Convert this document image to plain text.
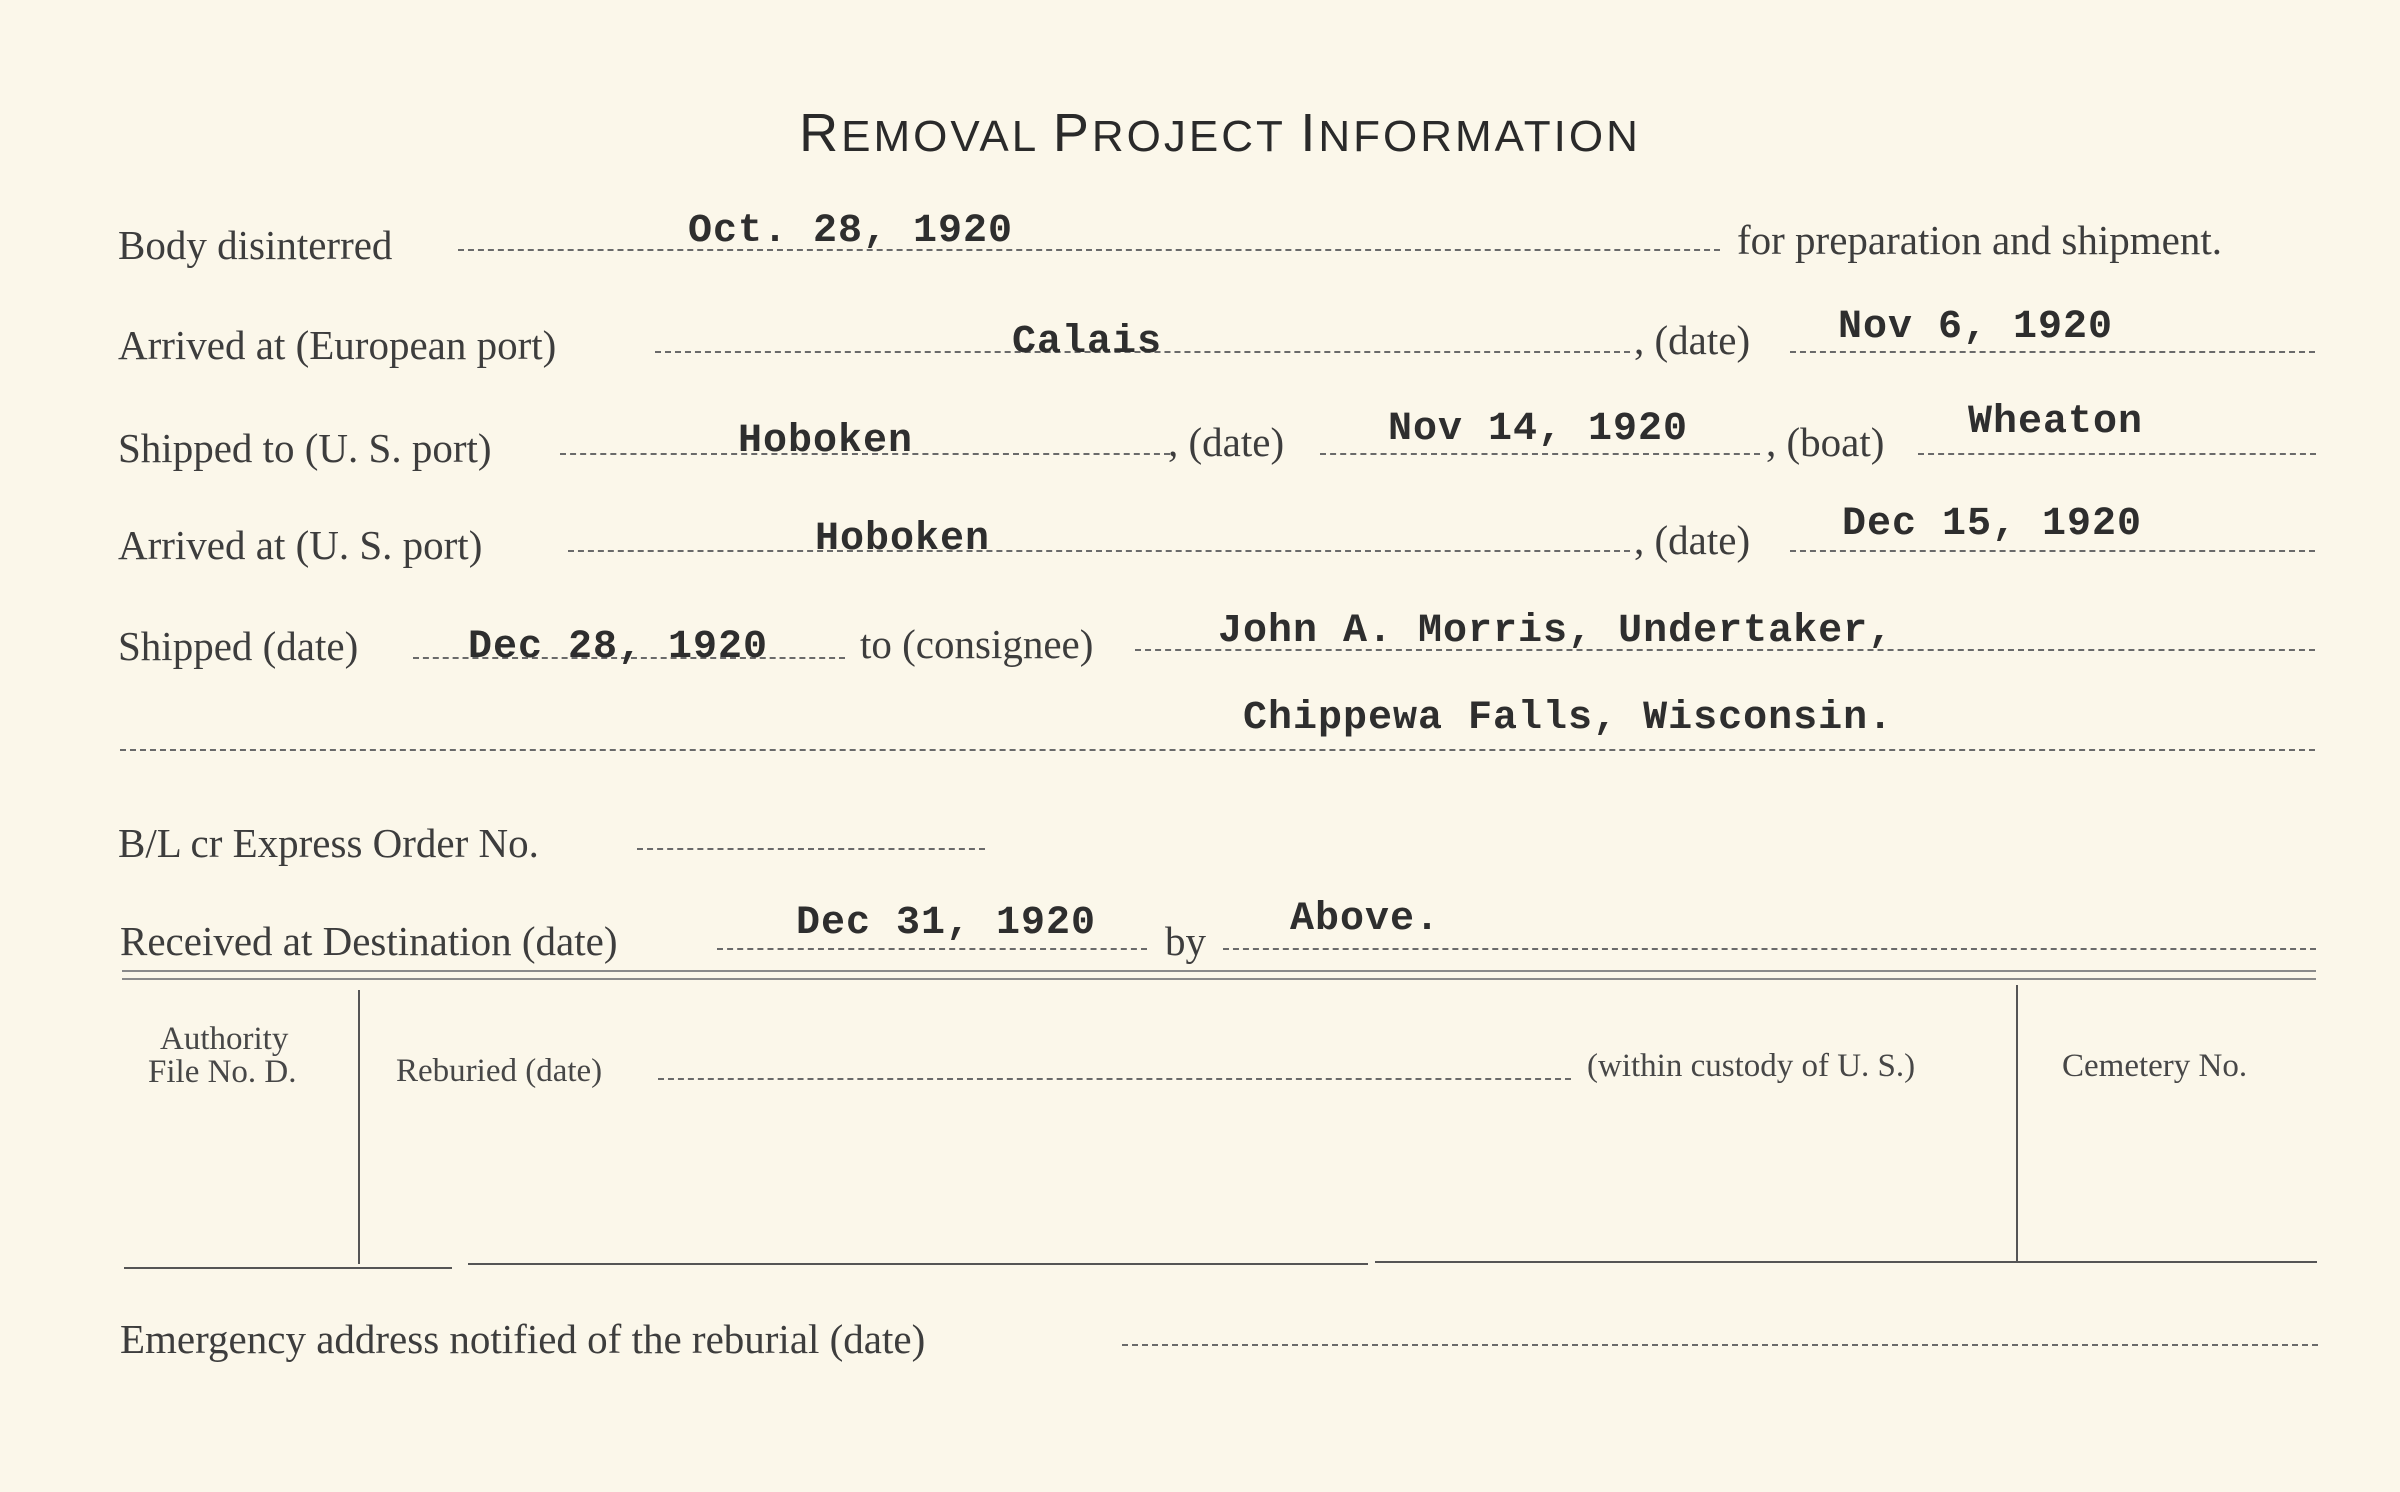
REMOVAL PROJECT INFORMATION
Body disinterred	Oct. 28, 1920	for preparation and shipment.
Arrived at (European port)	Calais	, (date) Nov 6, 1920
Shipped to (U. S. port)	Hoboken	, (date)	Nov 14, 1920 , (boat) Wheaton
Arrived at (U. S. port)	Hoboken	, (date) Dec 15, 1920
Shipped (date)	Dec 28, 1920 to (consignee)	John A. Morris, Undertaker,
Chippewa Falls, Wisconsin.
B/L cr Express Order No.
Received at Destination (date)	Dec 31, 1920 by Above.
Authority
File No. D.	Reburied (date)	(within custody of U. S.)	Cemetery No.
Emergency address notified of the reburial (date)
